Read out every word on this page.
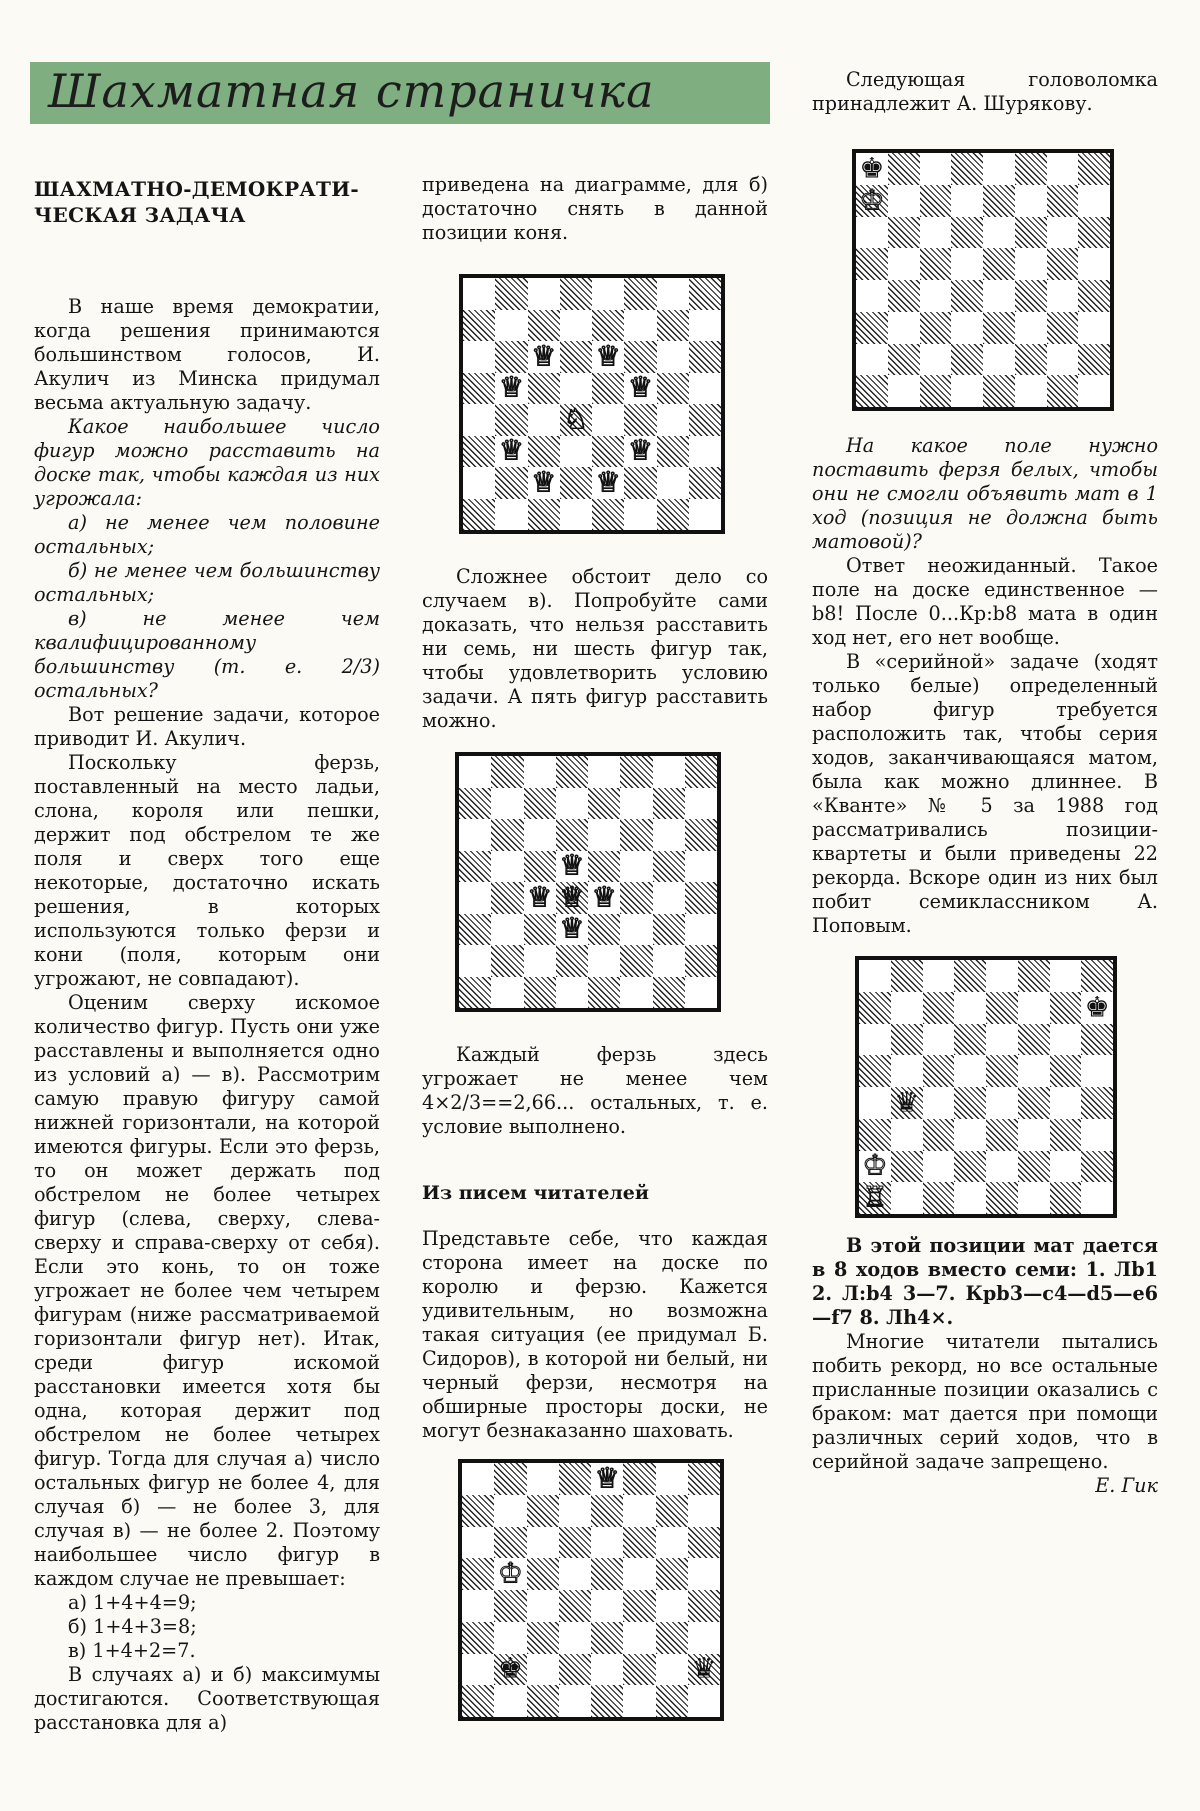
Шахматная страничка
ШАХМАТНО-ДЕМОКРАТИ-ЧЕСКАЯ ЗАДАЧА

В наше время демократии, когда решения принимаются большинством голосов, И. Акулич из Минска придумал весьма актуальную задачу.

Какое наибольшее число фигур можно расставить на доске так, чтобы каждая из них угрожала:

а) не менее чем половине остальных;

б) не менее чем большинству остальных;

в) не менее чем квалифицированному большинству (т. е. 2/3) остальных?

Вот решение задачи, которое приводит И. Акулич.

Поскольку ферзь, поставленный на место ладьи, слона, короля или пешки, держит под обстрелом те же поля и сверх того еще некоторые, достаточно искать решения, в которых используются только ферзи и кони (поля, которым они угрожают, не совпадают).

Оценим сверху искомое количество фигур. Пусть они уже расставлены и выполняется одно из условий а) — в). Рассмотрим самую правую фигуру самой нижней горизонтали, на которой имеются фигуры. Если это ферзь, то он может держать под обстрелом не более четырех фигур (слева, сверху, слева-сверху и справа-сверху от себя). Если это конь, то он тоже угрожает не более чем четырем фигурам (ниже рассматриваемой горизонтали фигур нет). Итак, среди фигур искомой расстановки имеется хотя бы одна, которая держит под обстрелом не более четырех фигур. Тогда для случая а) число остальных фигур не более 4, для случая б) — не более 3, для случая в) — не более 2. Поэтому наибольшее число фигур в каждом случае не превышает:

а) 1+4+4=9;

б) 1+4+3=8;

в) 1+4+2=7.

В случаях а) и б) максимумы достигаются. Соответствующая расстановка для а)

приведена на диаграмме, для б) достаточно снять в данной позиции коня.

Сложнее обстоит дело со случаем в). Попробуйте сами доказать, что нельзя расставить ни семь, ни шесть фигур так, чтобы удовлетворить условию задачи. А пять фигур расставить можно.

Каждый ферзь здесь угрожает не менее чем 4×2/3==2,66... остальных, т. е. условие выполнено.

Из писем читателей

Представьте себе, что каждая сторона имеет на доске по королю и ферзю. Кажется удивительным, но возможна такая ситуация (ее придумал Б. Сидоров), в которой ни белый, ни черный ферзи, несмотря на обширные просторы доски, не могут безнаказанно шаховать.

Следующая головоломка принадлежит А. Шурякову.

На какое поле нужно поставить ферзя белых, чтобы они не смогли объявить мат в 1 ход (позиция не должна быть матовой)?

Ответ неожиданный. Такое поле на доске единственное — b8! После 0...Кр:b8 мата в один ход нет, его нет вообще.

В «серийной» задаче (ходят только белые) определенный набор фигур требуется расположить так, чтобы серия ходов, заканчивающаяся матом, была как можно длиннее. В «Кванте» № 5 за 1988 год рассматривались позиции-квартеты и были приведены 22 рекорда. Вскоре один из них был побит семиклассником А. Поповым.

В этой позиции мат дается в 8 ходов вместо семи: 1. Лb1 2. Л:b4 3—7. Крb3—c4—d5—e6—f7 8. Лh4×.

Многие читатели пытались побить рекорд, но все остальные присланные позиции оказались с браком: мат дается при помощи различных серий ходов, что в серийной задаче запрещено.

Е. Гик

♕ ♕
♕	♕
♘
♕	♕
♕ ♕
♕
♕ ♕ ♕
♕
♕
♔
♚	♛
♚
♔
♚
♛
♔
♖
